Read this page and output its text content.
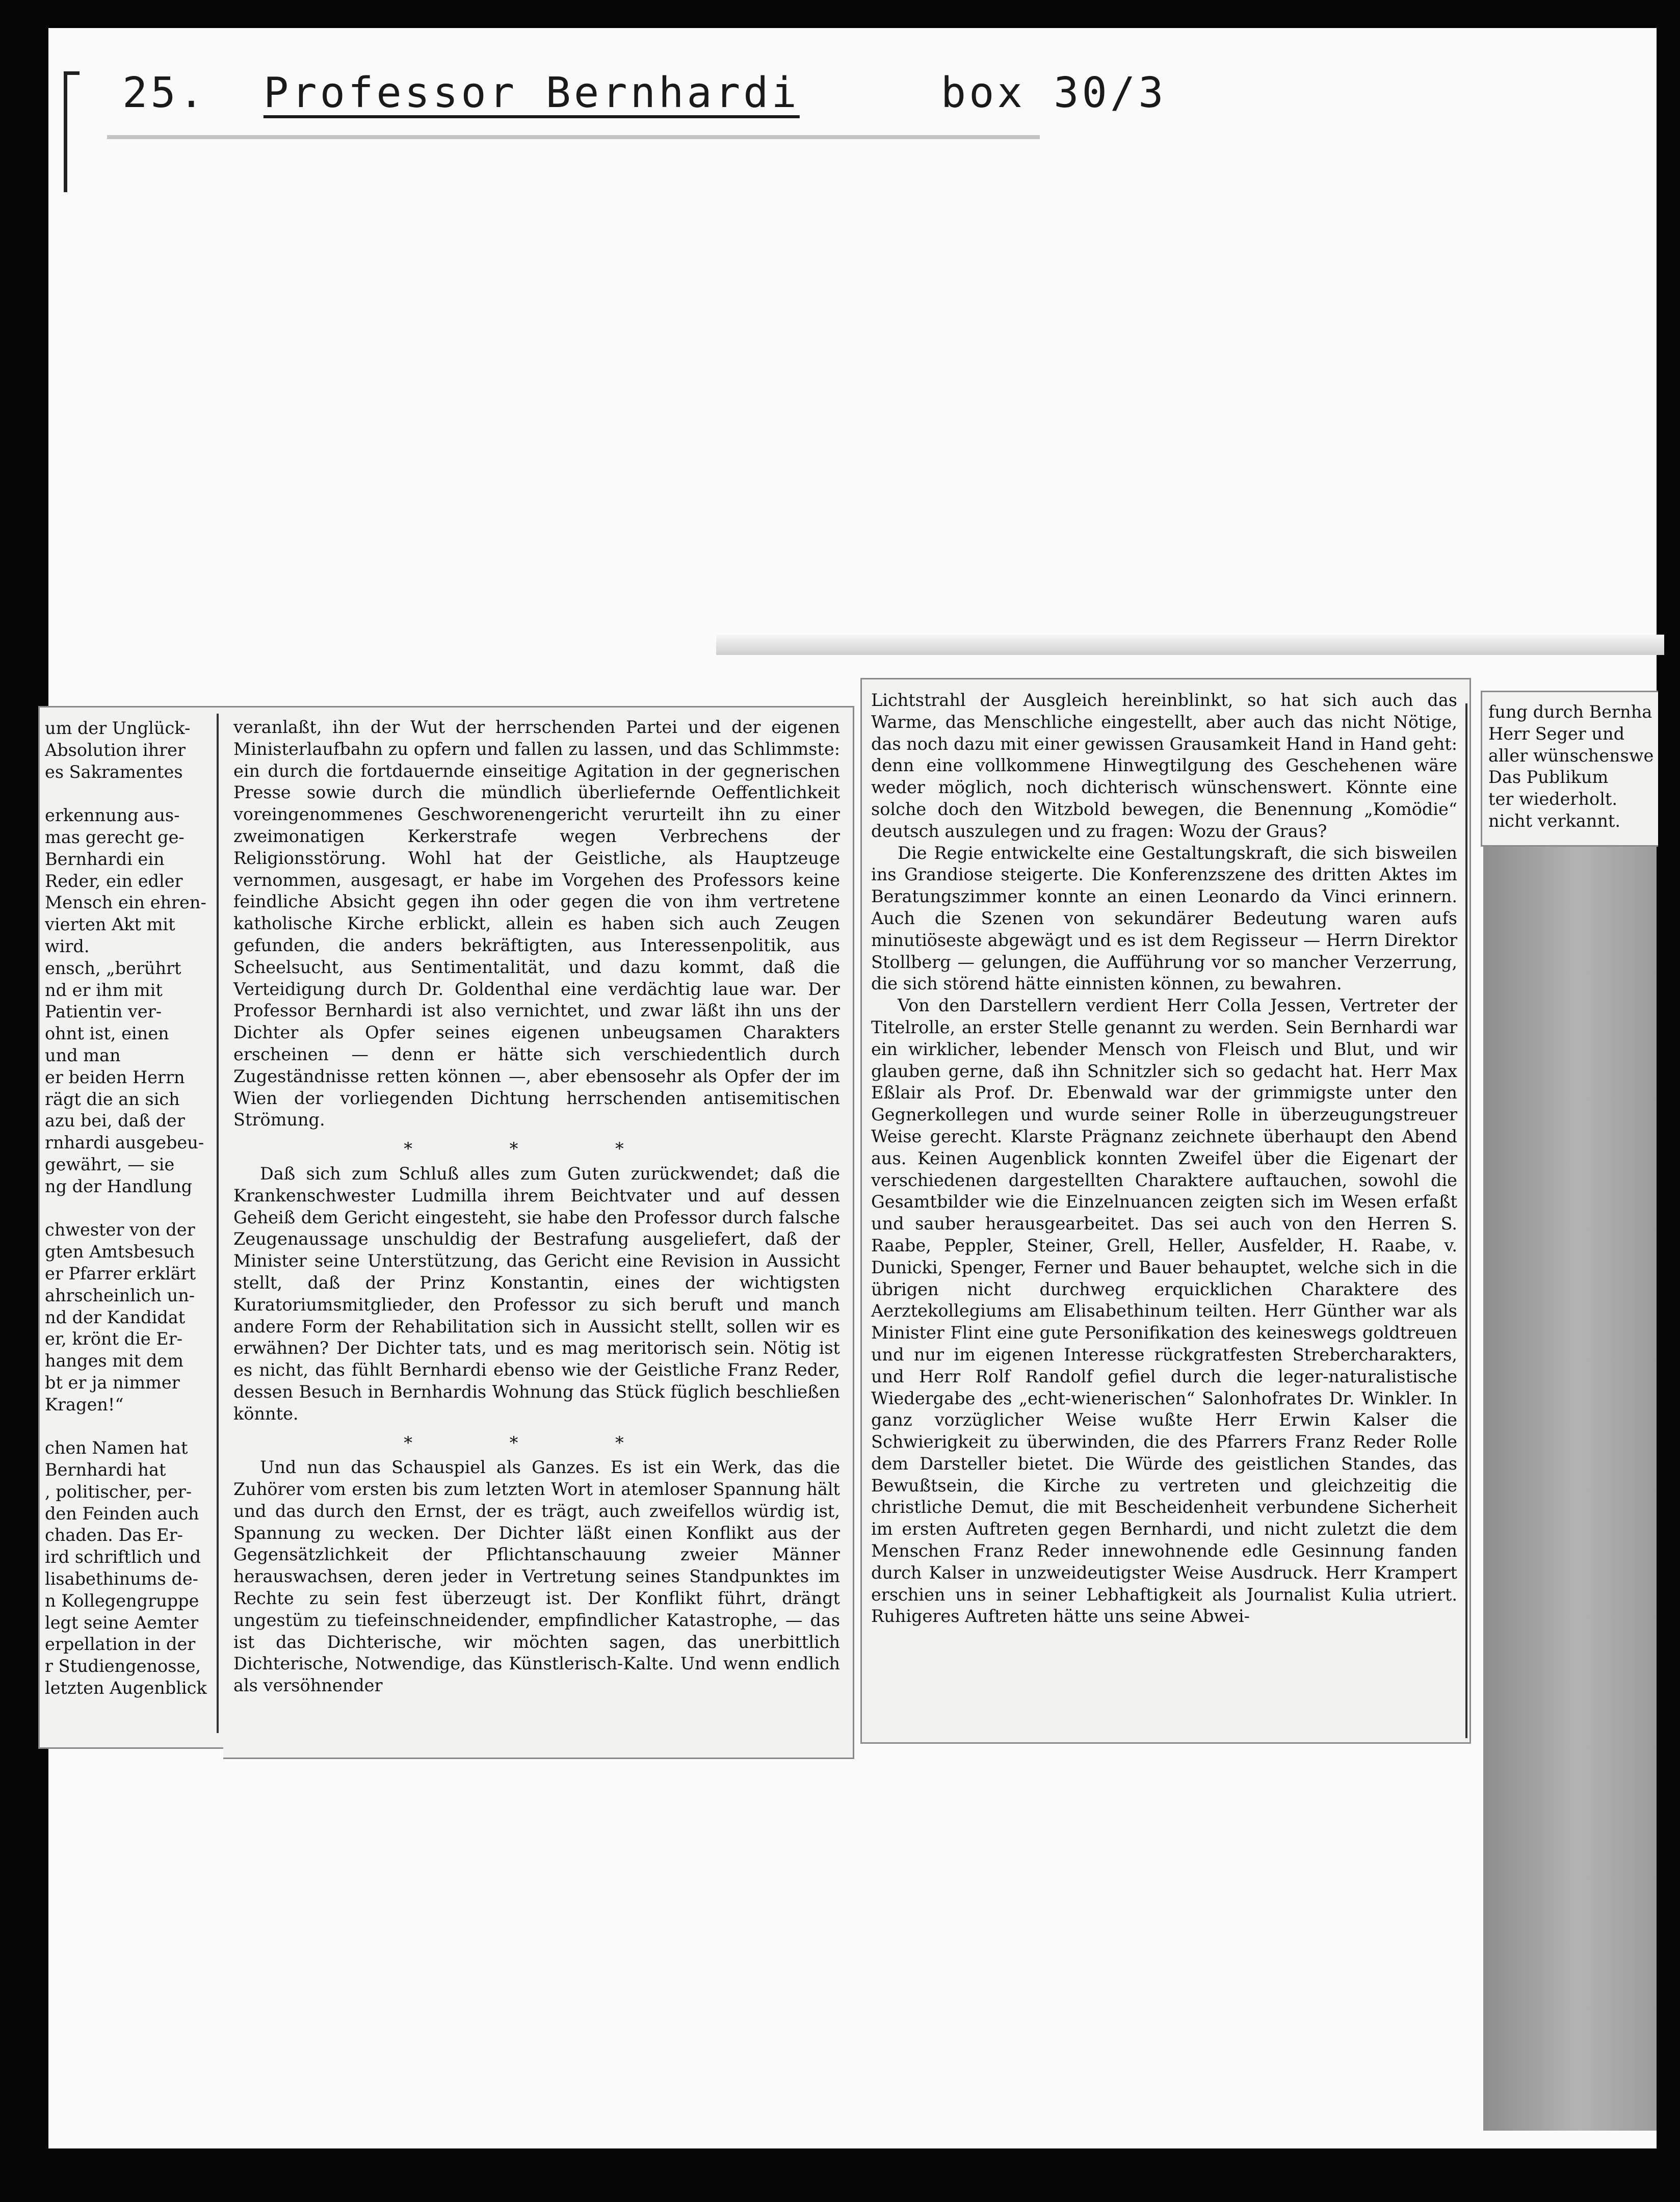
25. Professor Bernhardi	box 30/3
um der Unglück-
Absolution ihrer
es Sakramentes

erkennung aus-
mas gerecht ge-
Bernhardi ein
Reder, ein edler
Mensch ein ehren-
vierten Akt mit
wird.
ensch, „berührt
nd er ihm mit
Patientin ver-
ohnt ist, einen
und man
er beiden Herrn
rägt die an sich
azu bei, daß der
rnhardi ausgebeu-
gewährt, — sie
ng der Handlung

chwester von der
gten Amtsbesuch
er Pfarrer erklärt
ahrscheinlich un-
nd der Kandidat
er, krönt die Er-
hanges mit dem
bt er ja nimmer
Kragen!“

chen Namen hat
Bernhardi hat
, politischer, per-
den Feinden auch
chaden. Das Er-
ird schriftlich und
lisabethinums de-
n Kollegengruppe
legt seine Aemter
erpellation in der
r Studiengenosse,
letzten Augenblick

veranlaßt, ihn der Wut der herrschenden Partei und der eigenen Ministerlaufbahn zu opfern und fallen zu lassen, und das Schlimmste: ein durch die fortdauernde einseitige Agitation in der gegnerischen Presse sowie durch die mündlich überliefernde Oeffentlichkeit voreingenommenes Geschworenengericht verurteilt ihn zu einer zweimonatigen Kerkerstrafe wegen Verbrechens der Religionsstörung. Wohl hat der Geistliche, als Hauptzeuge vernommen, ausgesagt, er habe im Vorgehen des Professors keine feindliche Absicht gegen ihn oder gegen die von ihm vertretene katholische Kirche erblickt, allein es haben sich auch Zeugen gefunden, die anders bekräftigten, aus Interessenpolitik, aus Scheelsucht, aus Sentimentalität, und dazu kommt, daß die Verteidigung durch Dr. Goldenthal eine verdächtig laue war. Der Professor Bernhardi ist also vernichtet, und zwar läßt ihn uns der Dichter als Opfer seines eigenen unbeugsamen Charakters erscheinen — denn er hätte sich verschiedentlich durch Zugeständnisse retten können —, aber ebensosehr als Opfer der im Wien der vorliegenden Dichtung herrschenden antisemitischen Strömung.

* * *

Daß sich zum Schluß alles zum Guten zurückwendet; daß die Krankenschwester Ludmilla ihrem Beichtvater und auf dessen Geheiß dem Gericht eingesteht, sie habe den Professor durch falsche Zeugenaussage unschuldig der Bestrafung ausgeliefert, daß der Minister seine Unterstützung, das Gericht eine Revision in Aussicht stellt, daß der Prinz Konstantin, eines der wichtigsten Kuratoriumsmitglieder, den Professor zu sich beruft und manch andere Form der Rehabilitation sich in Aussicht stellt, sollen wir es erwähnen? Der Dichter tats, und es mag meritorisch sein. Nötig ist es nicht, das fühlt Bernhardi ebenso wie der Geistliche Franz Reder, dessen Besuch in Bernhardis Wohnung das Stück füglich beschließen könnte.

* * *

Und nun das Schauspiel als Ganzes. Es ist ein Werk, das die Zuhörer vom ersten bis zum letzten Wort in atemloser Spannung hält und das durch den Ernst, der es trägt, auch zweifellos würdig ist, Spannung zu wecken. Der Dichter läßt einen Konflikt aus der Gegensätzlichkeit der Pflichtanschauung zweier Männer herauswachsen, deren jeder in Vertretung seines Standpunktes im Rechte zu sein fest überzeugt ist. Der Konflikt führt, drängt ungestüm zu tiefeinschneidender, empfindlicher Katastrophe, — das ist das Dichterische, wir möchten sagen, das unerbittlich Dichterische, Notwendige, das Künstlerisch-Kalte. Und wenn endlich als versöhnender

Lichtstrahl der Ausgleich hereinblinkt, so hat sich auch das Warme, das Menschliche eingestellt, aber auch das nicht Nötige, das noch dazu mit einer gewissen Grausamkeit Hand in Hand geht: denn eine vollkommene Hinwegtilgung des Geschehenen wäre weder möglich, noch dichterisch wünschenswert. Könnte eine solche doch den Witzbold bewegen, die Benennung „Komödie“ deutsch auszulegen und zu fragen: Wozu der Graus?

Die Regie entwickelte eine Gestaltungskraft, die sich bisweilen ins Grandiose steigerte. Die Konferenzszene des dritten Aktes im Beratungszimmer konnte an einen Leonardo da Vinci erinnern. Auch die Szenen von sekundärer Bedeutung waren aufs minutiöseste abgewägt und es ist dem Regisseur — Herrn Direktor Stollberg — gelungen, die Aufführung vor so mancher Verzerrung, die sich störend hätte einnisten können, zu bewahren.

Von den Darstellern verdient Herr Colla Jessen, Vertreter der Titelrolle, an erster Stelle genannt zu werden. Sein Bernhardi war ein wirklicher, lebender Mensch von Fleisch und Blut, und wir glauben gerne, daß ihn Schnitzler sich so gedacht hat. Herr Max Eßlair als Prof. Dr. Ebenwald war der grimmigste unter den Gegnerkollegen und wurde seiner Rolle in überzeugungstreuer Weise gerecht. Klarste Prägnanz zeichnete überhaupt den Abend aus. Keinen Augenblick konnten Zweifel über die Eigenart der verschiedenen dargestellten Charaktere auftauchen, sowohl die Gesamtbilder wie die Einzelnuancen zeigten sich im Wesen erfaßt und sauber herausgearbeitet. Das sei auch von den Herren S. Raabe, Peppler, Steiner, Grell, Heller, Ausfelder, H. Raabe, v. Dunicki, Spenger, Ferner und Bauer behauptet, welche sich in die übrigen nicht durchweg erquicklichen Charaktere des Aerztekollegiums am Elisabethinum teilten. Herr Günther war als Minister Flint eine gute Personifikation des keineswegs goldtreuen und nur im eigenen Interesse rückgratfesten Strebercharakters, und Herr Rolf Randolf gefiel durch die leger-naturalistische Wiedergabe des „echt-wienerischen“ Salonhofrates Dr. Winkler. In ganz vorzüglicher Weise wußte Herr Erwin Kalser die Schwierigkeit zu überwinden, die des Pfarrers Franz Reder Rolle dem Darsteller bietet. Die Würde des geistlichen Standes, das Bewußtsein, die Kirche zu vertreten und gleichzeitig die christliche Demut, die mit Bescheidenheit verbundene Sicherheit im ersten Auftreten gegen Bernhardi, und nicht zuletzt die dem Menschen Franz Reder innewohnende edle Gesinnung fanden durch Kalser in unzweideutigster Weise Ausdruck. Herr Krampert erschien uns in seiner Lebhaftigkeit als Journalist Kulia utriert. Ruhigeres Auftreten hätte uns seine Abwei-

fung durch Bernha
Herr Seger und
aller wünschenswe
Das Publikum
ter wiederholt.
nicht verkannt.
